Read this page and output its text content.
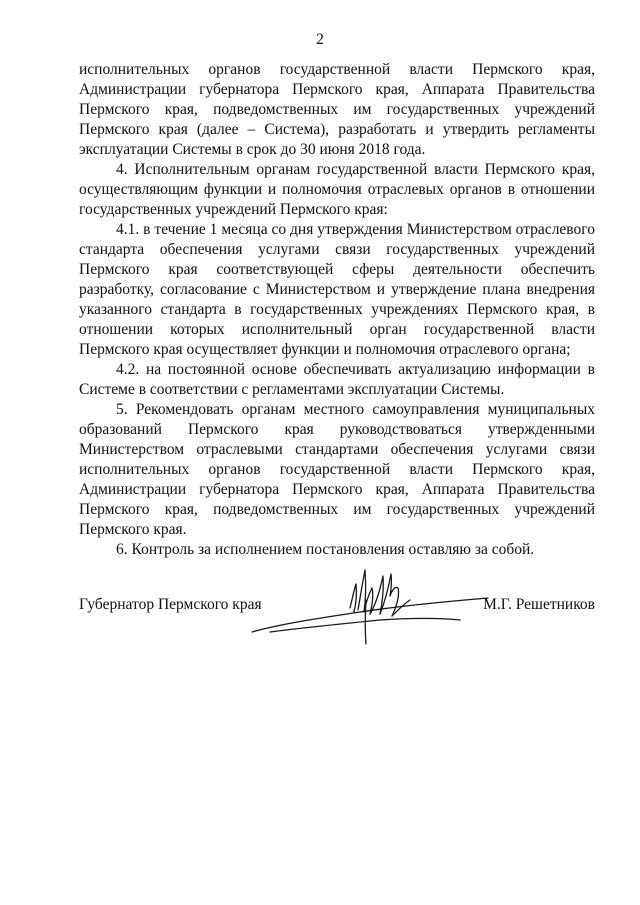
2

исполнительных органов государственной власти Пермского края, Администрации губернатора Пермского края, Аппарата Правительства Пермского края, подведомственных им государственных учреждений Пермского края (далее – Система), разработать и утвердить регламенты эксплуатации Системы в срок до 30 июня 2018 года.

4. Исполнительным органам государственной власти Пермского края, осуществляющим функции и полномочия отраслевых органов в отношении государственных учреждений Пермского края:

4.1. в течение 1 месяца со дня утверждения Министерством отраслевого стандарта обеспечения услугами связи государственных учреждений Пермского края соответствующей сферы деятельности обеспечить разработку, согласование с Министерством и утверждение плана внедрения указанного стандарта в государственных учреждениях Пермского края, в отношении которых исполнительный орган государственной власти Пермского края осуществляет функции и полномочия отраслевого органа;

4.2. на постоянной основе обеспечивать актуализацию информации в Системе в соответствии с регламентами эксплуатации Системы.

5. Рекомендовать органам местного самоуправления муниципальных образований Пермского края руководствоваться утвержденными Министерством отраслевыми стандартами обеспечения услугами связи исполнительных органов государственной власти Пермского края, Администрации губернатора Пермского края, Аппарата Правительства Пермского края, подведомственных им государственных учреждений Пермского края.

6. Контроль за исполнением постановления оставляю за собой.

Губернатор Пермского края	М.Г. Решетников
